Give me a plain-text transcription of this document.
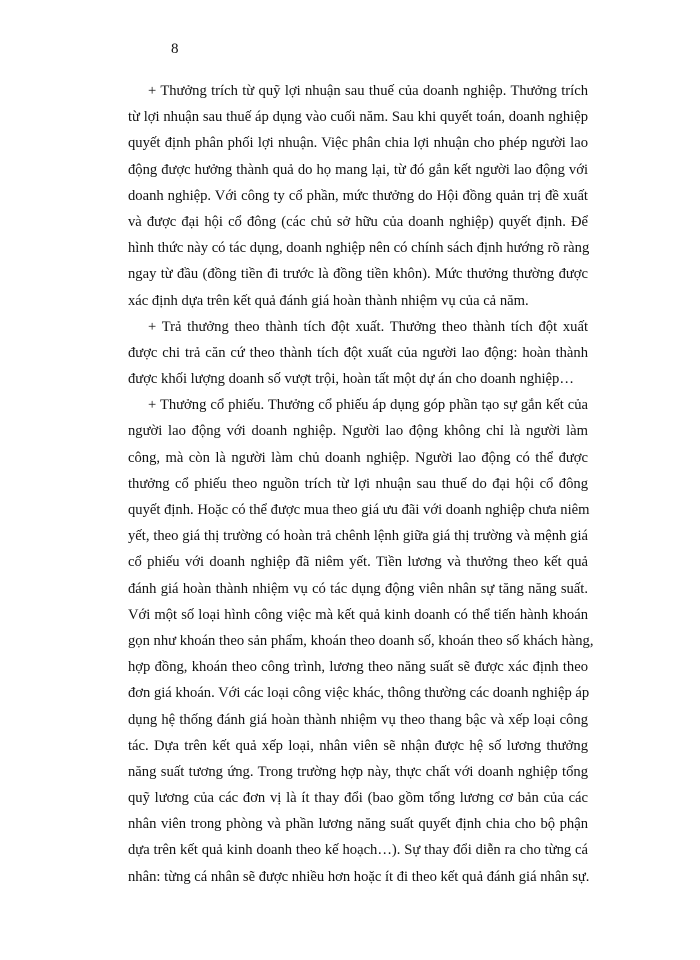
8
+ Thưởng trích từ quỹ lợi nhuận sau thuế của doanh nghiệp. Thưởng trích
từ lợi nhuận sau thuế áp dụng vào cuối năm. Sau khi quyết toán, doanh nghiệp
quyết định phân phối lợi nhuận. Việc phân chia lợi nhuận cho phép người lao
động được hưởng thành quả do họ mang lại, từ đó gắn kết người lao động với
doanh nghiệp. Với công ty cổ phần, mức thưởng do Hội đồng quản trị đề xuất
và được đại hội cổ đông (các chủ sở hữu của doanh nghiệp) quyết định. Để
hình thức này có tác dụng, doanh nghiệp nên có chính sách định hướng rõ ràng
ngay từ đầu (đồng tiền đi trước là đồng tiền khôn). Mức thưởng thường được
xác định dựa trên kết quả đánh giá hoàn thành nhiệm vụ của cả năm.
+ Trả thưởng theo thành tích đột xuất. Thưởng theo thành tích đột xuất
được chi trả căn cứ theo thành tích đột xuất của người lao động: hoàn thành
được khối lượng doanh số vượt trội, hoàn tất một dự án cho doanh nghiệp…
+ Thưởng cổ phiếu. Thưởng cổ phiếu áp dụng góp phần tạo sự gắn kết của
người lao động với doanh nghiệp. Người lao động không chỉ là người làm
công, mà còn là người làm chủ doanh nghiệp. Người lao động có thể được
thưởng cổ phiếu theo nguồn trích từ lợi nhuận sau thuế do đại hội cổ đông
quyết định. Hoặc có thể được mua theo giá ưu đãi với doanh nghiệp chưa niêm
yết, theo giá thị trường có hoàn trả chênh lệnh giữa giá thị trường và mệnh giá
cổ phiếu với doanh nghiệp đã niêm yết. Tiền lương và thưởng theo kết quả
đánh giá hoàn thành nhiệm vụ có tác dụng động viên nhân sự tăng năng suất.
Với một số loại hình công việc mà kết quả kinh doanh có thể tiến hành khoán
gọn như khoán theo sản phẩm, khoán theo doanh số, khoán theo số khách hàng,
hợp đồng, khoán theo công trình, lương theo năng suất sẽ được xác định theo
đơn giá khoán. Với các loại công việc khác, thông thường các doanh nghiệp áp
dụng hệ thống đánh giá hoàn thành nhiệm vụ theo thang bậc và xếp loại công
tác. Dựa trên kết quả xếp loại, nhân viên sẽ nhận được hệ số lương thưởng
năng suất tương ứng. Trong trường hợp này, thực chất với doanh nghiệp tổng
quỹ lương của các đơn vị là ít thay đổi (bao gồm tổng lương cơ bản của các
nhân viên trong phòng và phần lương năng suất quyết định chia cho bộ phận
dựa trên kết quả kinh doanh theo kế hoạch…). Sự thay đổi diễn ra cho từng cá
nhân: từng cá nhân sẽ được nhiều hơn hoặc ít đi theo kết quả đánh giá nhân sự.
